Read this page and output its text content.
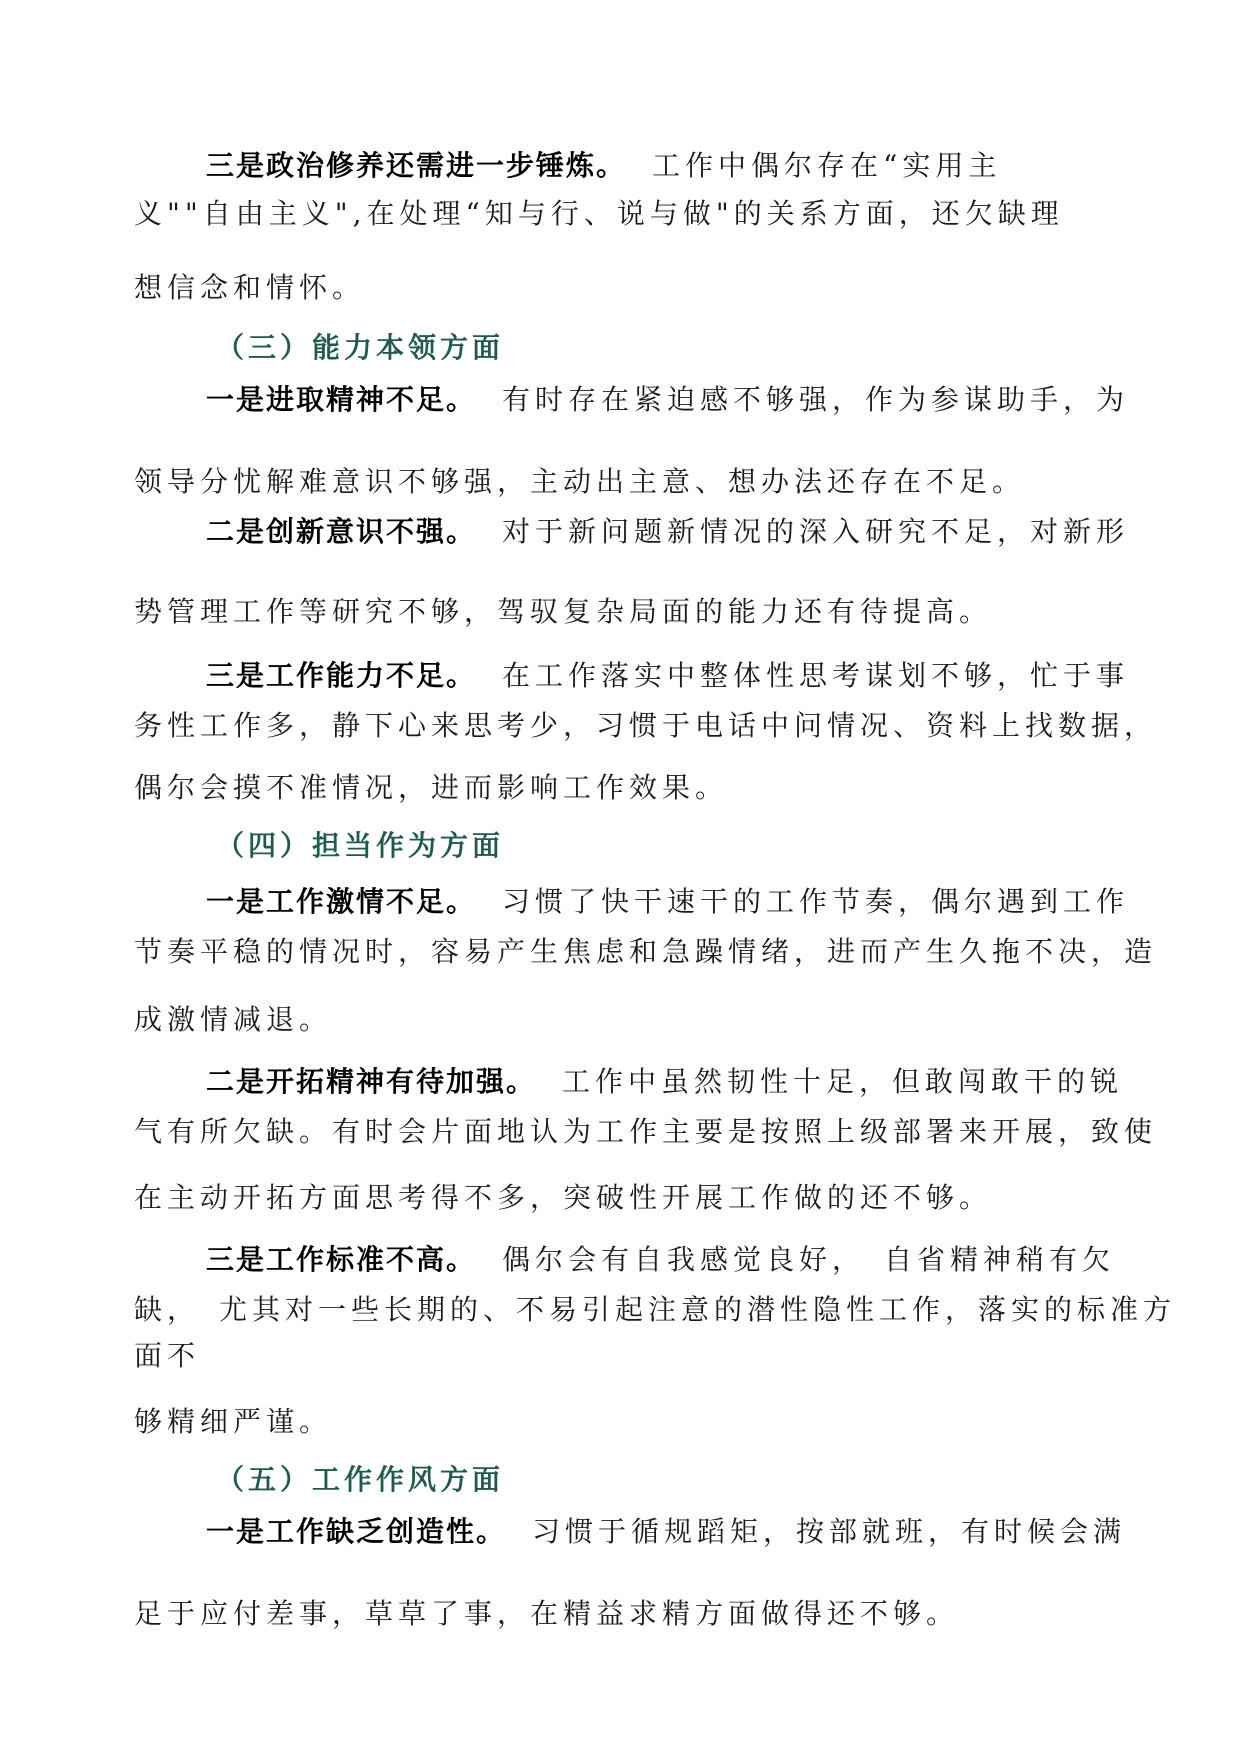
三是政治修养还需进一步锤炼。 工作中偶尔存在“实用主
义""自由主义",在处理“知与行、说与做"的关系方面，还欠缺理
想信念和情怀。
（三）能力本领方面
一是进取精神不足。 有时存在紧迫感不够强，作为参谋助手，为
领导分忧解难意识不够强，主动出主意、想办法还存在不足。
二是创新意识不强。 对于新问题新情况的深入研究不足，对新形
势管理工作等研究不够，驾驭复杂局面的能力还有待提高。
三是工作能力不足。 在工作落实中整体性思考谋划不够，忙于事
务性工作多，静下心来思考少，习惯于电话中问情况、资料上找数据，
偶尔会摸不准情况，进而影响工作效果。
（四）担当作为方面
一是工作激情不足。 习惯了快干速干的工作节奏，偶尔遇到工作
节奏平稳的情况时，容易产生焦虑和急躁情绪，进而产生久拖不决，造
成激情减退。
二是开拓精神有待加强。 工作中虽然韧性十足，但敢闯敢干的锐
气有所欠缺。有时会片面地认为工作主要是按照上级部署来开展，致使
在主动开拓方面思考得不多，突破性开展工作做的还不够。
三是工作标准不高。 偶尔会有自我感觉良好，　自省精神稍有欠
缺，　尤其对一些长期的、不易引起注意的潜性隐性工作，落实的标准方
面不
够精细严谨。
（五）工作作风方面
一是工作缺乏创造性。 习惯于循规蹈矩，按部就班，有时候会满
足于应付差事，草草了事，在精益求精方面做得还不够。
